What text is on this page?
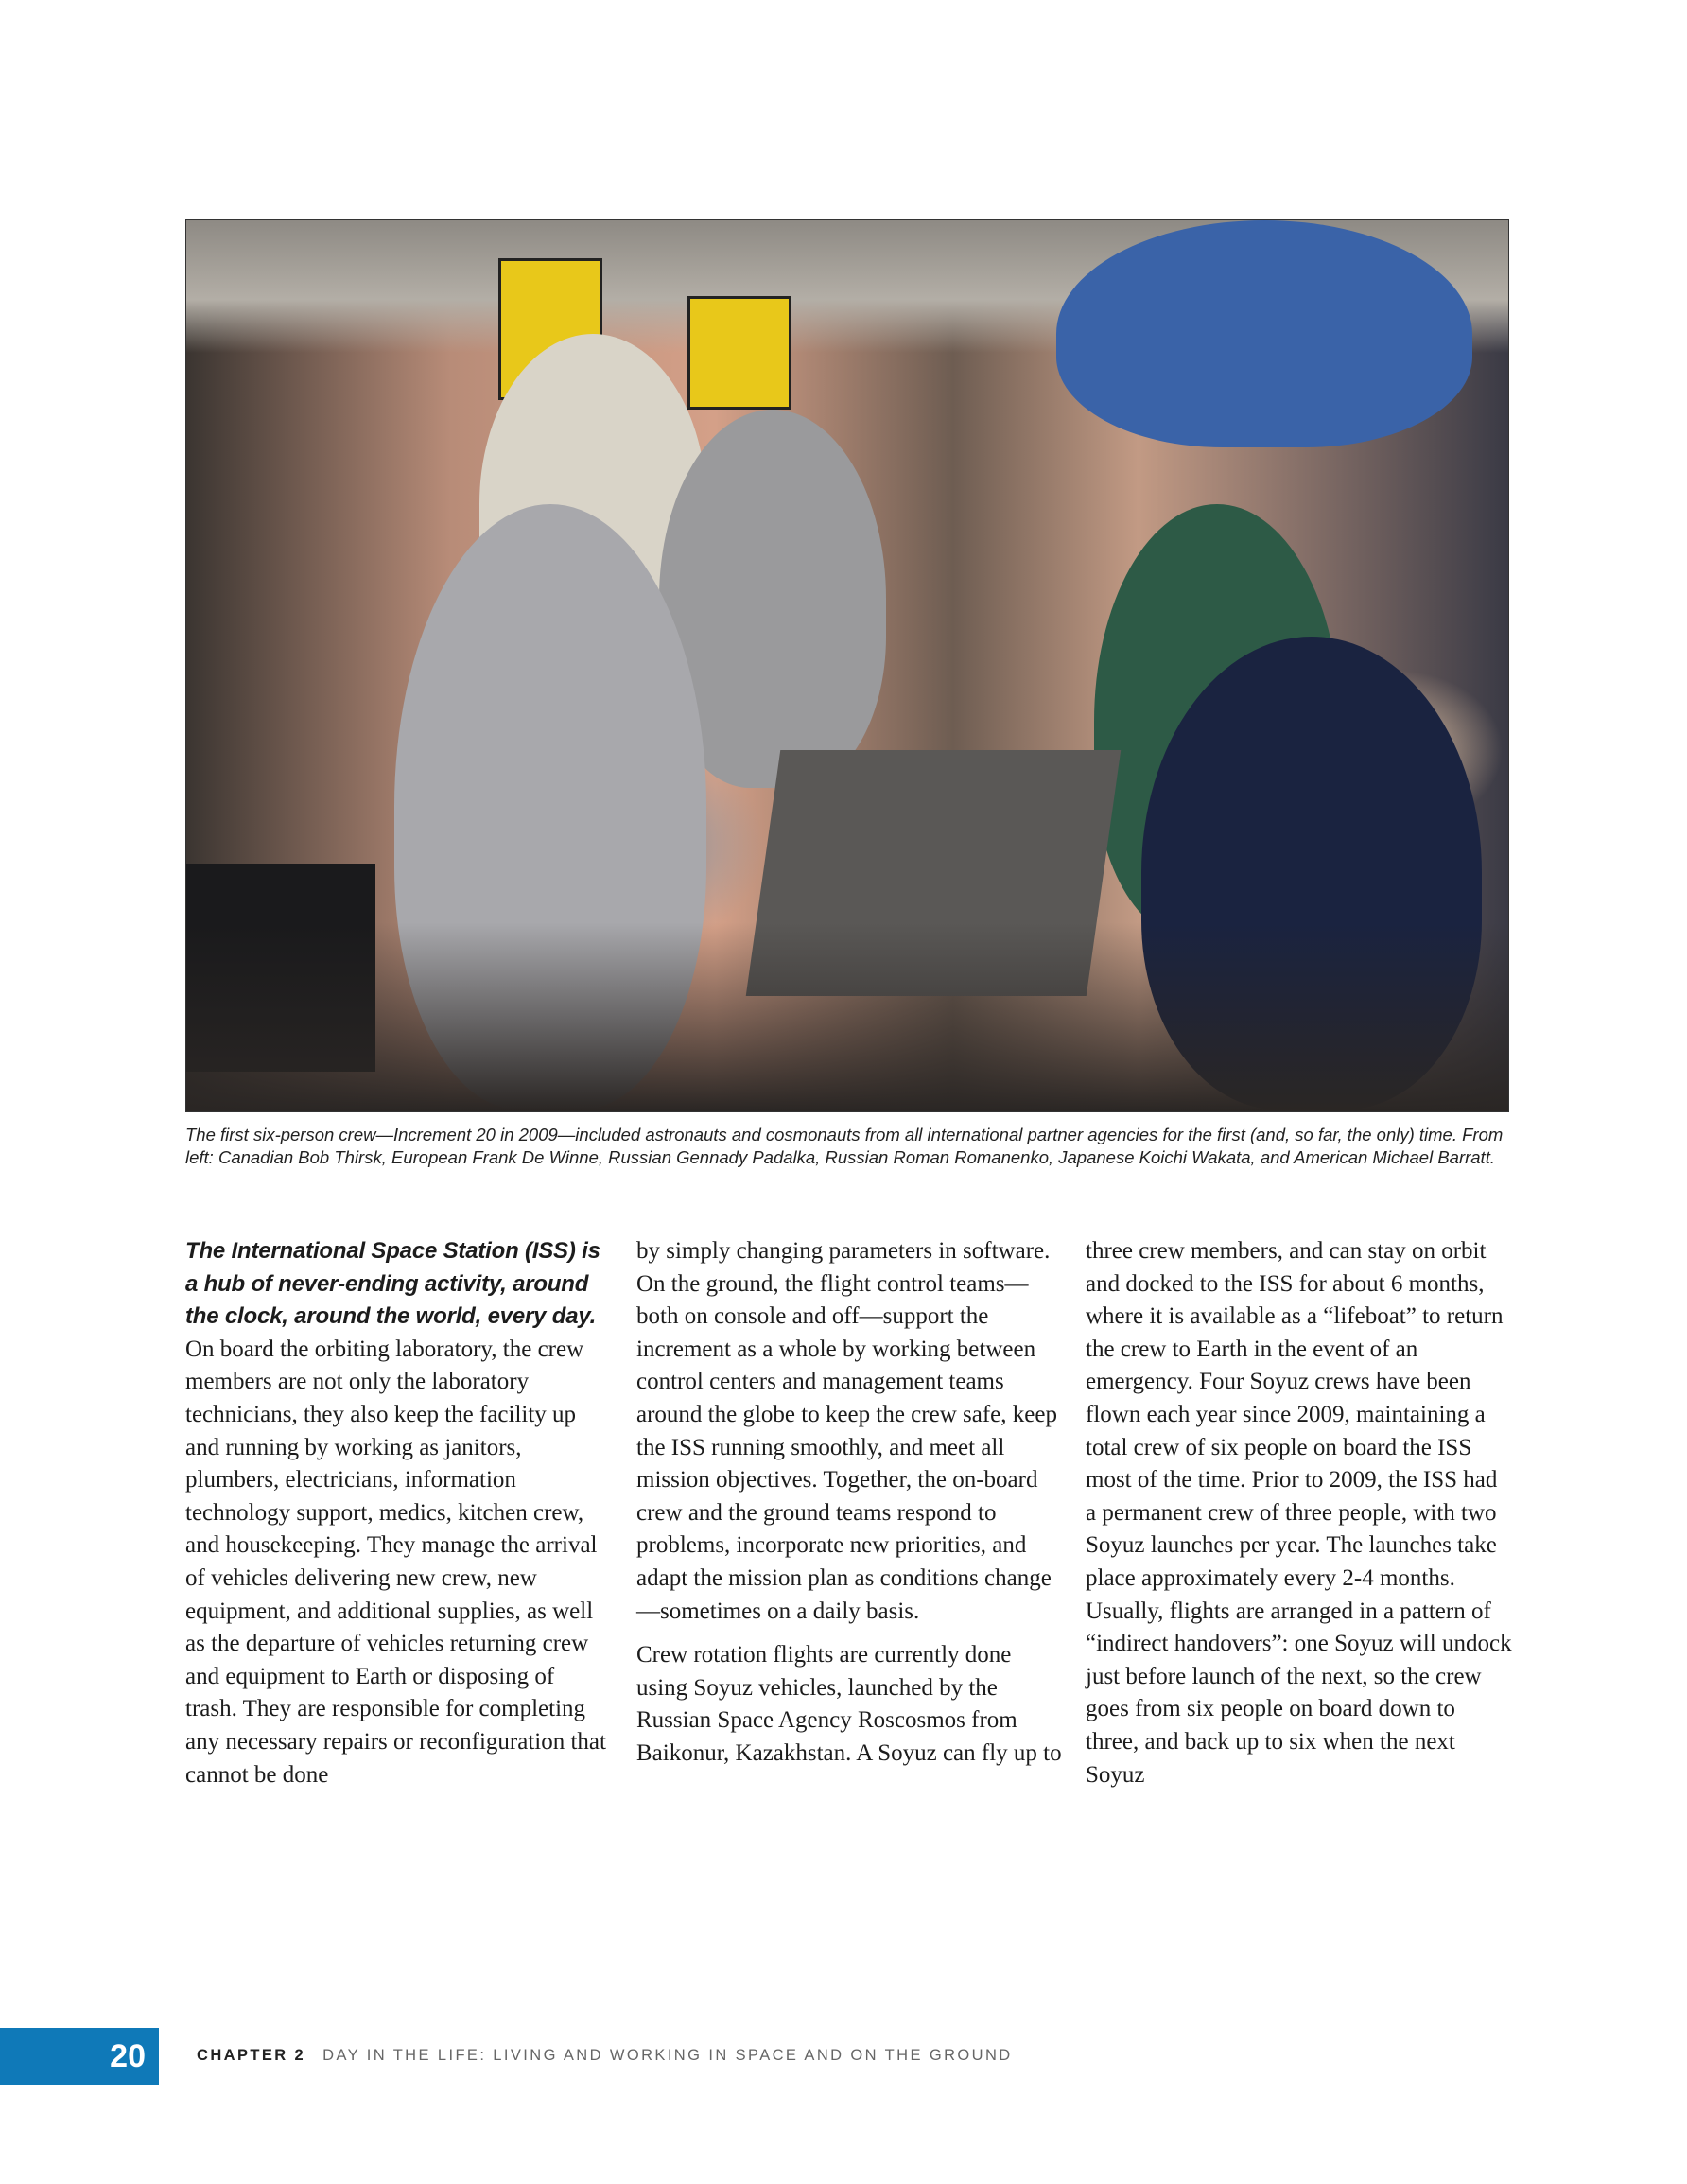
The first six-person crew—Increment 20 in 2009—included astronauts and cosmonauts from all international partner agencies for the first (and, so far, the only) time. From left: Canadian Bob Thirsk, European Frank De Winne, Russian Gennady Padalka, Russian Roman Romanenko, Japanese Koichi Wakata, and American Michael Barratt.

The International Space Station (ISS) is a hub of never-ending activity, around the clock, around the world, every day. On board the orbiting laboratory, the crew members are not only the laboratory technicians, they also keep the facility up and running by working as janitors, plumbers, electricians, information technology support, medics, kitchen crew, and housekeeping. They manage the arrival of vehicles delivering new crew, new equipment, and additional supplies, as well as the departure of vehicles returning crew and equipment to Earth or disposing of trash. They are responsible for completing any necessary repairs or reconfiguration that cannot be done

by simply changing parameters in software. On the ground, the flight control teams—both on console and off—support the increment as a whole by working between control centers and management teams around the globe to keep the crew safe, keep the ISS running smoothly, and meet all mission objectives. Together, the on-board crew and the ground teams respond to problems, incorporate new priorities, and adapt the mission plan as conditions change—sometimes on a daily basis.

Crew rotation flights are currently done using Soyuz vehicles, launched by the Russian Space Agency Roscosmos from Baikonur, Kazakhstan. A Soyuz can fly up to

three crew members, and can stay on orbit and docked to the ISS for about 6 months, where it is available as a “lifeboat” to return the crew to Earth in the event of an emergency. Four Soyuz crews have been flown each year since 2009, maintaining a total crew of six people on board the ISS most of the time. Prior to 2009, the ISS had a permanent crew of three people, with two Soyuz launches per year. The launches take place approximately every 2-4 months. Usually, flights are arranged in a pattern of “indirect handovers”: one Soyuz will undock just before launch of the next, so the crew goes from six people on board down to three, and back up to six when the next Soyuz

20	CHAPTER 2 DAY IN THE LIFE: LIVING AND WORKING IN SPACE AND ON THE GROUND
